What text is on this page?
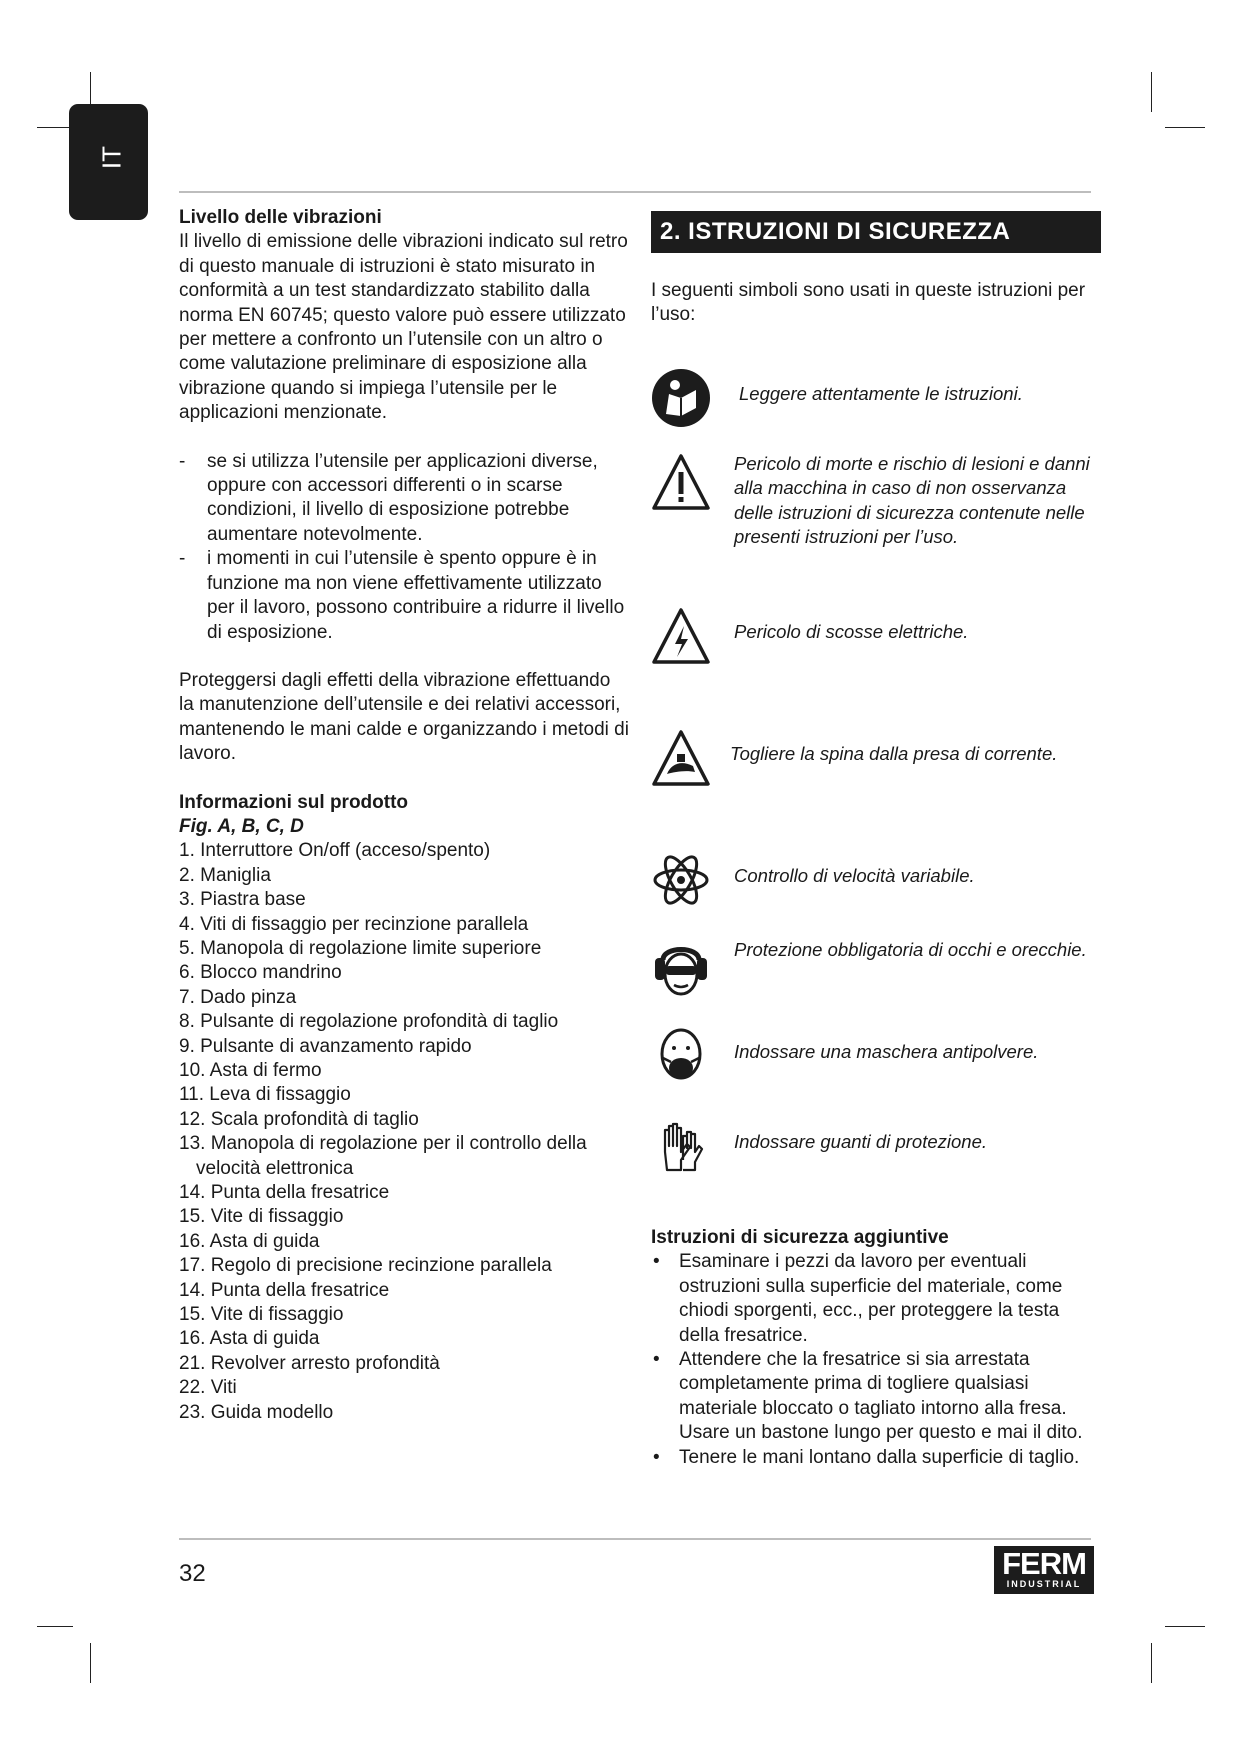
IT
Livello delle vibrazioni

Il livello di emissione delle vibrazioni indicato sul retro di questo manuale di istruzioni è stato misurato in conformità a un test standardizzato stabilito dalla norma EN 60745; questo valore può essere utilizzato per mettere a confronto un l’utensile con un altro o come valutazione preliminare di esposizione alla vibrazione quando si impiega l’utensile per le applicazioni menzionate.

- se si utilizza l’utensile per applicazioni diverse, oppure con accessori differenti o in scarse condizioni, il livello di esposizione potrebbe aumentare notevolmente.
- i momenti in cui l’utensile è spento oppure è in funzione ma non viene effettivamente utilizzato per il lavoro, possono contribuire a ridurre il livello di esposizione.

Proteggersi dagli effetti della vibrazione effettuando la manutenzione dell’utensile e dei relativi accessori, mantenendo le mani calde e organizzando i metodi di lavoro.

Informazioni sul prodotto

Fig. A, B, C, D

1. Interruttore On/off (acceso/spento)
2. Maniglia
3. Piastra base
4. Viti di fissaggio per recinzione parallela
5. Manopola di regolazione limite superiore
6. Blocco mandrino
7. Dado pinza
8. Pulsante di regolazione profondità di taglio
9. Pulsante di avanzamento rapido
10. Asta di fermo
11. Leva di fissaggio
12. Scala profondità di taglio
13. Manopola di regolazione per il controllo della
velocità elettronica
14. Punta della fresatrice
15. Vite di fissaggio
16. Asta di guida
17. Regolo di precisione recinzione parallela
14. Punta della fresatrice
15. Vite di fissaggio
16. Asta di guida
21. Revolver arresto profondità
22. Viti
23. Guida modello
2. ISTRUZIONI DI SICUREZZA

I seguenti simboli sono usati in queste istruzioni per l’uso:

Leggere attentamente le istruzioni.
Pericolo di morte e rischio di lesioni e danni alla macchina in caso di non osservanza delle istruzioni di sicurezza contenute nelle presenti istruzioni per l’uso.
Pericolo di scosse elettriche.
Togliere la spina dalla presa di corrente.
Controllo di velocità variabile.
Protezione obbligatoria di occhi e orecchie.
Indossare una maschera antipolvere.
Indossare guanti di protezione.
Istruzioni di sicurezza aggiuntive
• Esaminare i pezzi da lavoro per eventuali ostruzioni sulla superficie del materiale, come chiodi sporgenti, ecc., per proteggere la testa della fresatrice.
• Attendere che la fresatrice si sia arrestata completamente prima di togliere qualsiasi materiale bloccato o tagliato intorno alla fresa. Usare un bastone lungo per questo e mai il dito.
• Tenere le mani lontano dalla superficie di taglio.
32	FERM
INDUSTRIAL
